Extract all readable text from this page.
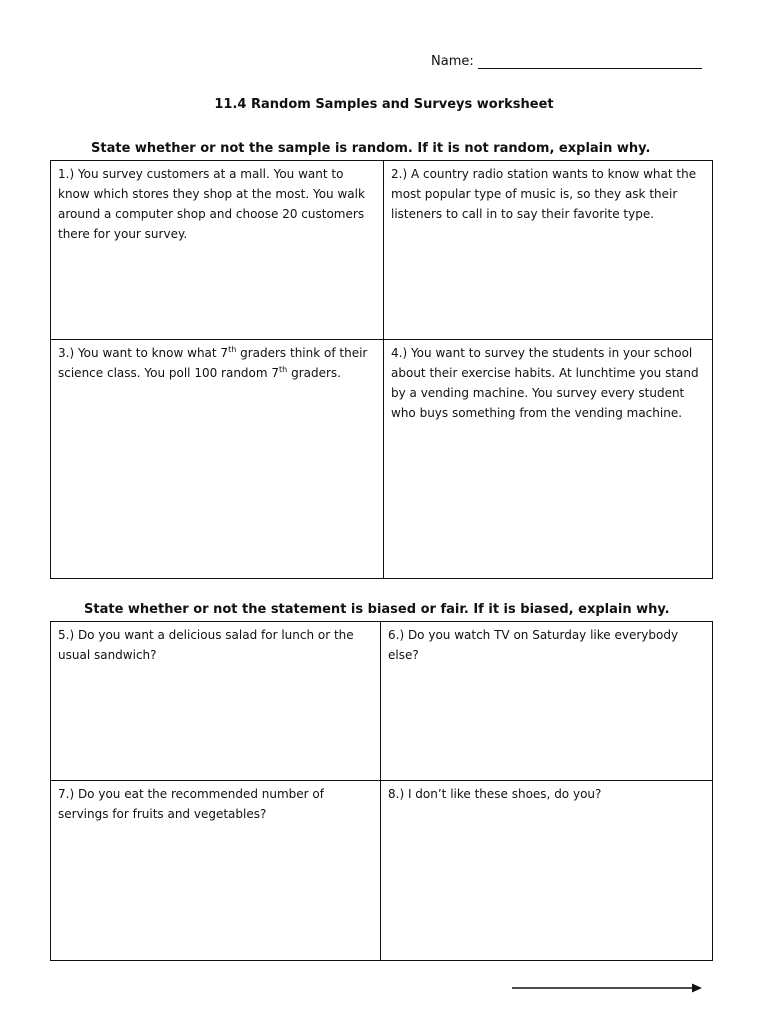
Name:
11.4 Random Samples and Surveys worksheet
State whether or not the sample is random. If it is not random, explain why.
1.) You survey customers at a mall. You want to know which stores they shop at the most. You walk around a computer shop and choose 20 customers there for your survey.
2.) A country radio station wants to know what the most popular type of music is, so they ask their listeners to call in to say their favorite type.
3.) You want to know what 7th graders think of their science class. You poll 100 random 7th graders.
4.) You want to survey the students in your school about their exercise habits. At lunchtime you stand by a vending machine. You survey every student who buys something from the vending machine.
State whether or not the statement is biased or fair. If it is biased, explain why.
5.) Do you want a delicious salad for lunch or the usual sandwich?
6.) Do you watch TV on Saturday like everybody else?
7.) Do you eat the recommended number of servings for fruits and vegetables?
8.) I don’t like these shoes, do you?
